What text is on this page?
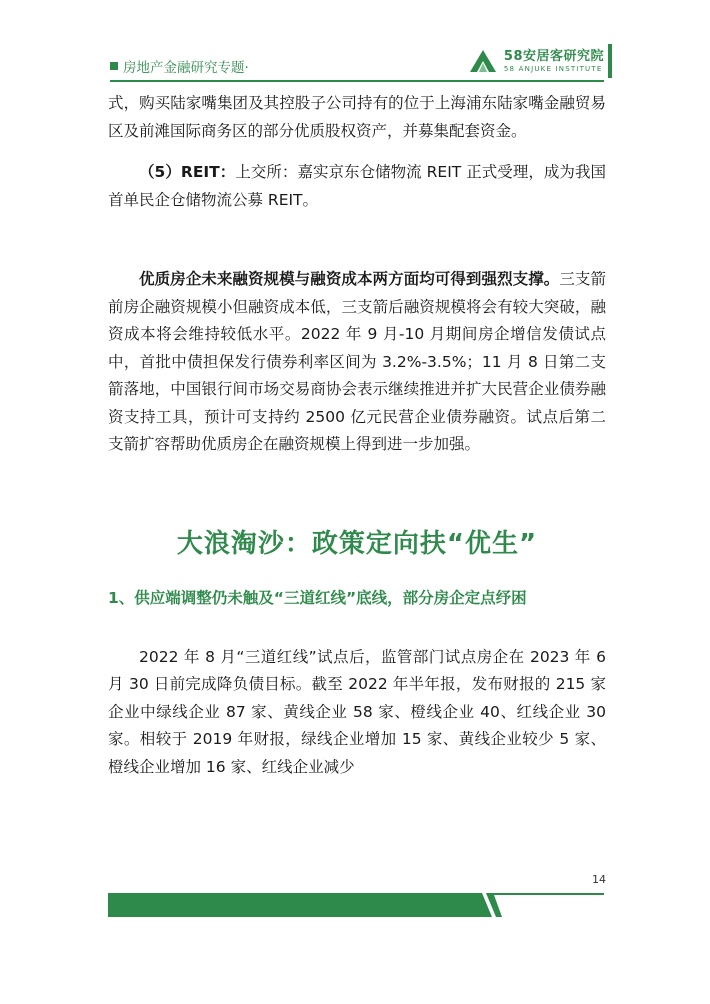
房地产金融研究专题·
58安居客研究院
58 ANJUKE INSTITUTE

式，购买陆家嘴集团及其控股子公司持有的位于上海浦东陆家嘴金融贸易区及前滩国际商务区的部分优质股权资产，并募集配套资金。

（5）REIT：上交所：嘉实京东仓储物流 REIT 正式受理，成为我国首单民企仓储物流公募 REIT。

优质房企未来融资规模与融资成本两方面均可得到强烈支撑。三支箭前房企融资规模小但融资成本低，三支箭后融资规模将会有较大突破，融资成本将会维持较低水平。2022 年 9 月-10 月期间房企增信发债试点中，首批中债担保发行债券利率区间为 3.2%-3.5%；11 月 8 日第二支箭落地，中国银行间市场交易商协会表示继续推进并扩大民营企业债券融资支持工具，预计可支持约 2500 亿元民营企业债券融资。试点后第二支箭扩容帮助优质房企在融资规模上得到进一步加强。

大浪淘沙：政策定向扶“优生”

1、供应端调整仍未触及“三道红线”底线，部分房企定点纾困

2022 年 8 月“三道红线”试点后，监管部门试点房企在 2023 年 6 月 30 日前完成降负债目标。截至 2022 年半年报，发布财报的 215 家企业中绿线企业 87 家、黄线企业 58 家、橙线企业 40、红线企业 30 家。相较于 2019 年财报，绿线企业增加 15 家、黄线企业较少 5 家、橙线企业增加 16 家、红线企业减少

14
